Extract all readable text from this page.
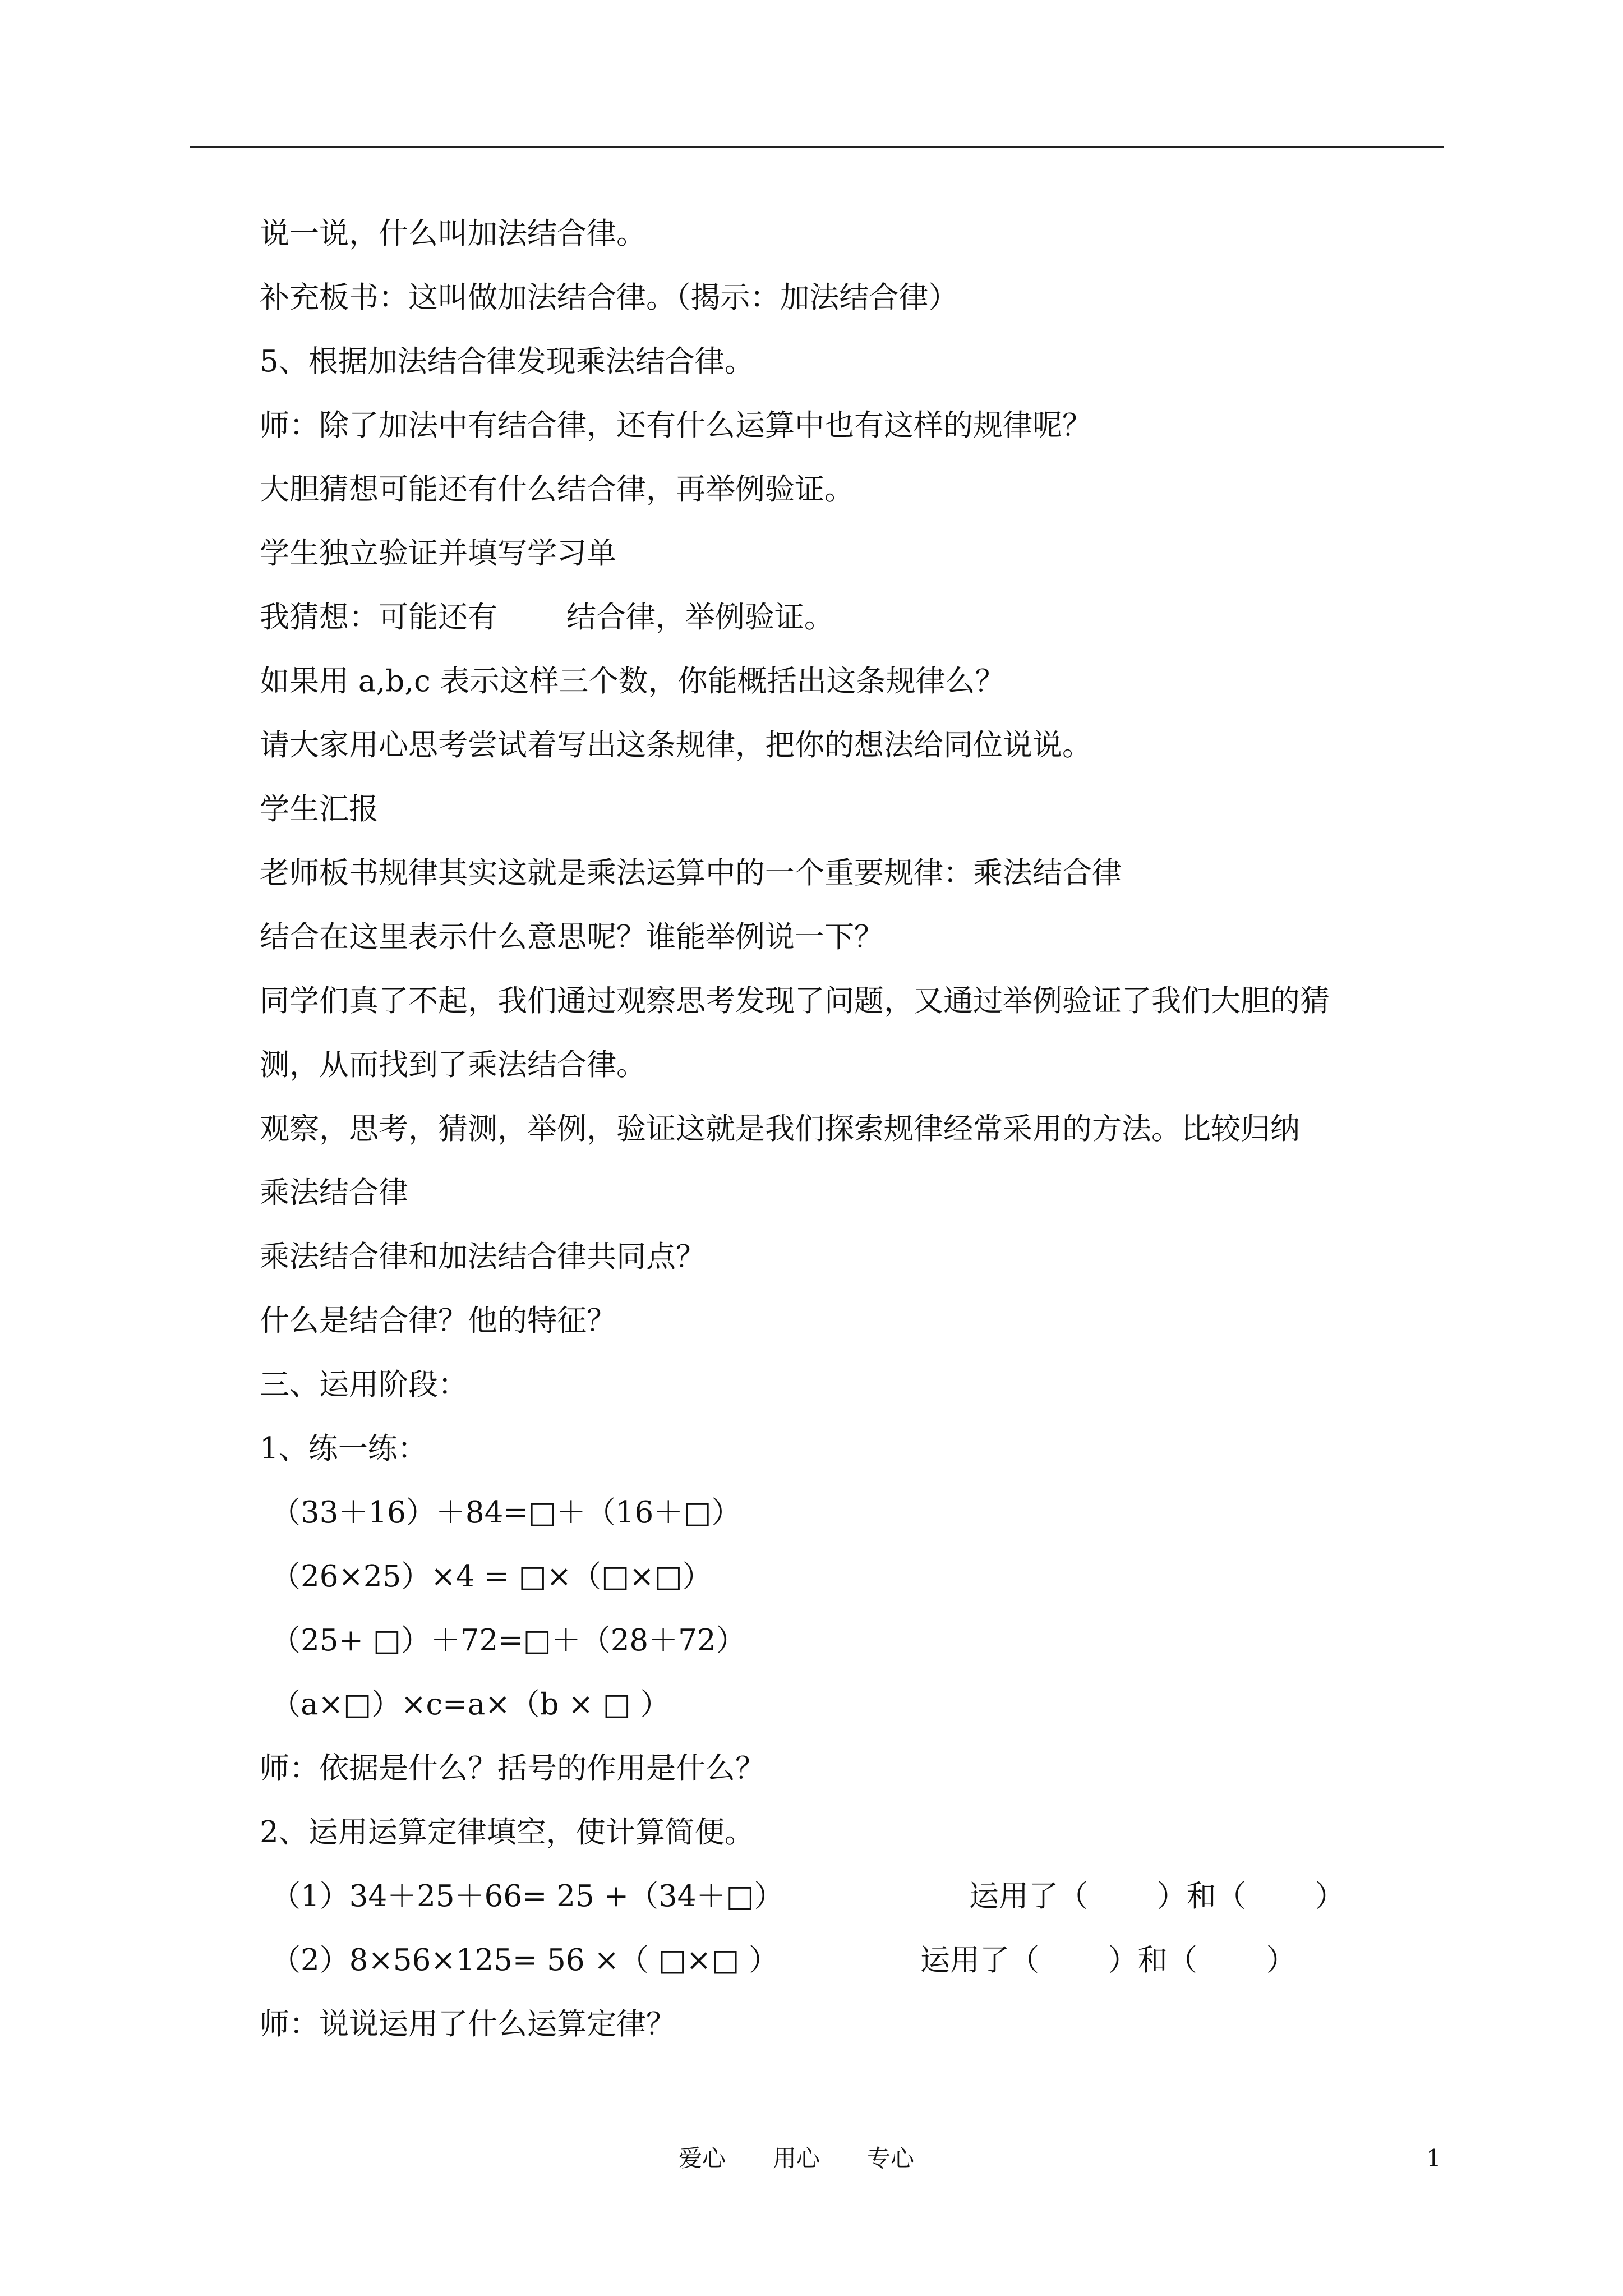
说一说，什么叫加法结合律。

补充板书：这叫做加法结合律。（揭示：加法结合律）

5、根据加法结合律发现乘法结合律。

师：除了加法中有结合律，还有什么运算中也有这样的规律呢？

大胆猜想可能还有什么结合律，再举例验证。

学生独立验证并填写学习单

我猜想：可能还有　　 结合律，举例验证。

如果用 a,b,c 表示这样三个数，你能概括出这条规律么？

请大家用心思考尝试着写出这条规律，把你的想法给同位说说。

学生汇报

老师板书规律其实这就是乘法运算中的一个重要规律：乘法结合律

结合在这里表示什么意思呢？谁能举例说一下？

同学们真了不起，我们通过观察思考发现了问题，又通过举例验证了我们大胆的猜

测，从而找到了乘法结合律。

观察，思考，猜测，举例，验证这就是我们探索规律经常采用的方法。比较归纳

乘法结合律

乘法结合律和加法结合律共同点？

什么是结合律？他的特征？

三、运用阶段：

1、练一练：

（33＋16）＋84=□＋（16＋□）

（26×25）×4 = □×（□×□）

（25+ □）＋72=□＋（28＋72）

（a×□）×c=a×（b × □ ）

师：依据是什么？括号的作用是什么？

2、运用运算定律填空，使计算简便。

（1）34＋25＋66= 25 +（34＋□）	运用了（　　 ）和（　　 ）
（2）8×56×125= 56 ×（ □×□ ）	运用了（　　 ）和（　　 ）

师：说说运用了什么运算定律？

爱心　　用心　　专心	1
